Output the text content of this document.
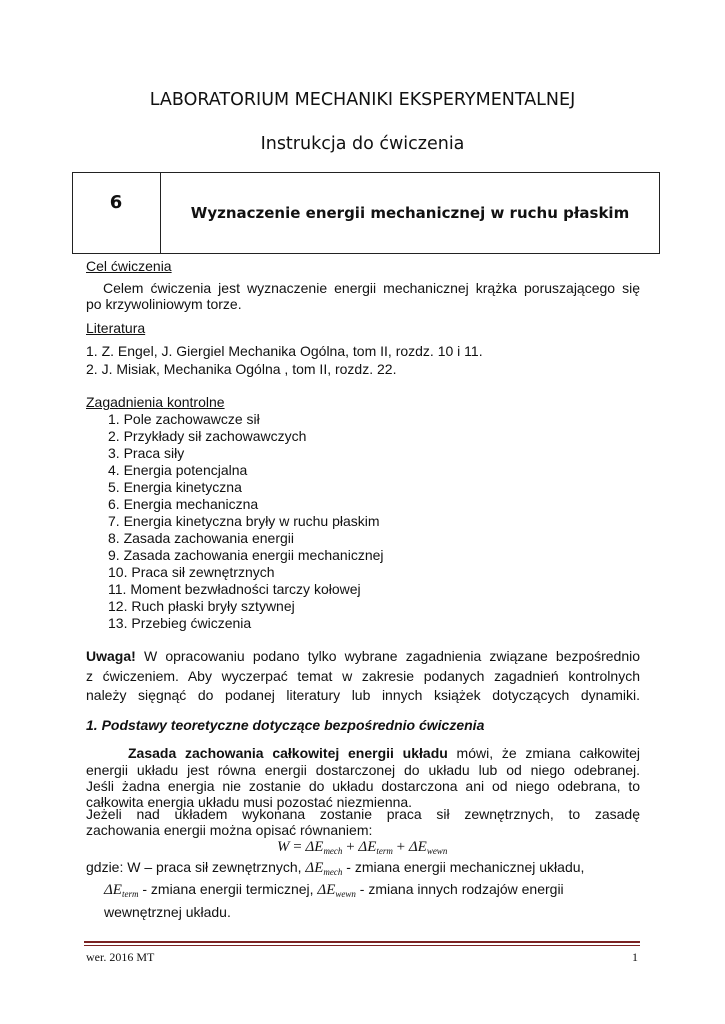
LABORATORIUM MECHANIKI EKSPERYMENTALNEJ
Instrukcja do ćwiczenia
6	Wyznaczenie energii mechanicznej w ruchu płaskim
Cel ćwiczenia
Celem ćwiczenia jest wyznaczenie energii mechanicznej krążka poruszającego się
po krzywoliniowym torze.
Literatura
1. Z. Engel, J. Giergiel Mechanika Ogólna, tom II, rozdz. 10 i 11.
2. J. Misiak, Mechanika Ogólna , tom II, rozdz. 22.
Zagadnienia kontrolne
1. Pole zachowawcze sił
2. Przykłady sił zachowawczych
3. Praca siły
4. Energia potencjalna
5. Energia kinetyczna
6. Energia mechaniczna
7. Energia kinetyczna bryły w ruchu płaskim
8. Zasada zachowania energii
9. Zasada zachowania energii mechanicznej
10. Praca sił zewnętrznych
11. Moment bezwładności tarczy kołowej
12. Ruch płaski bryły sztywnej
13. Przebieg ćwiczenia
Uwaga! W opracowaniu podano tylko wybrane zagadnienia związane bezpośrednio
z ćwiczeniem. Aby wyczerpać temat w zakresie podanych zagadnień kontrolnych
należy sięgnąć do podanej literatury lub innych książek dotyczących dynamiki.
1. Podstawy teoretyczne dotyczące bezpośrednio ćwiczenia
Zasada zachowania całkowitej energii układu mówi, że zmiana całkowitej
energii układu jest równa energii dostarczonej do układu lub od niego odebranej.
Jeśli żadna energia nie zostanie do układu dostarczona ani od niego odebrana, to
całkowita energia układu musi pozostać niezmienna.
Jeżeli nad układem wykonana zostanie praca sił zewnętrznych, to zasadę
zachowania energii można opisać równaniem:
$W = \Delta E_{mech} + \Delta E_{term} + \Delta E_{wewn}$
gdzie: W – praca sił zewnętrznych, $\Delta E_{mech}$ - zmiana energii mechanicznej układu,
$\Delta E_{term}$ - zmiana energii termicznej, $\Delta E_{wewn}$ - zmiana innych rodzajów energii
wewnętrznej układu.
wer. 2016 MT	1
